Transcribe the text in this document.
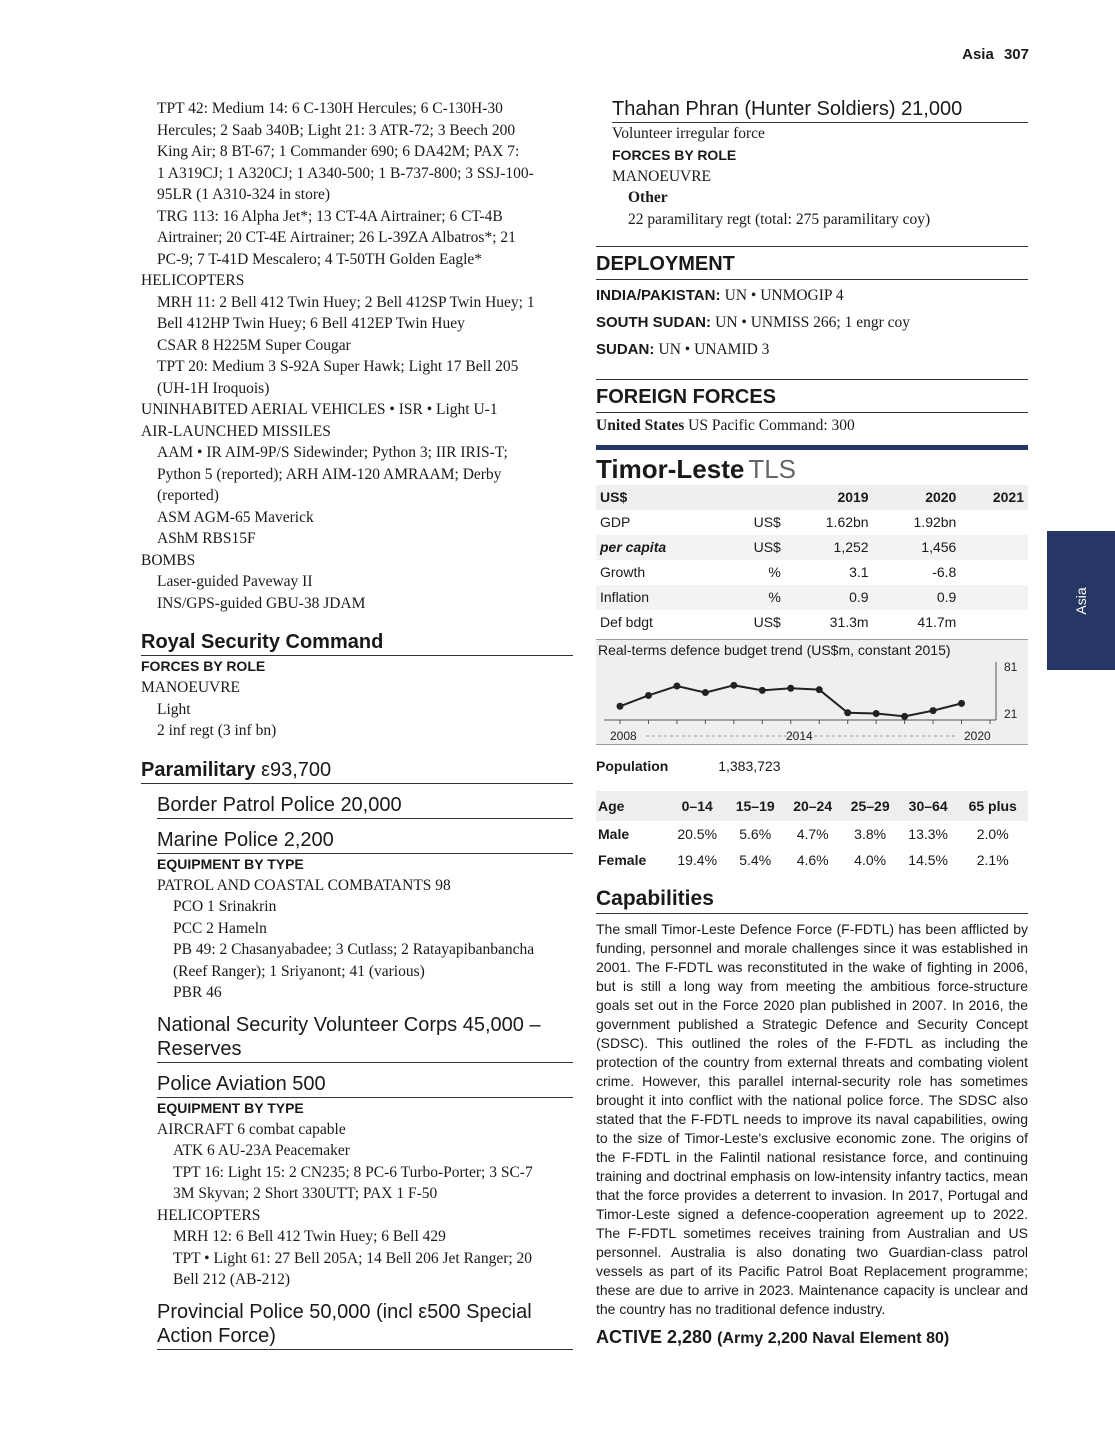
Asia 307
Asia

TPT 42: Medium 14: 6 C-130H Hercules; 6 C-130H-30

Hercules; 2 Saab 340B; Light 21: 3 ATR-72; 3 Beech 200

King Air; 8 BT-67; 1 Commander 690; 6 DA42M; PAX 7:

1 A319CJ; 1 A320CJ; 1 A340-500; 1 B-737-800; 3 SSJ-100-

95LR (1 A310-324 in store)

TRG 113: 16 Alpha Jet*; 13 CT-4A Airtrainer; 6 CT-4B

Airtrainer; 20 CT-4E Airtrainer; 26 L-39ZA Albatros*; 21

PC-9; 7 T-41D Mescalero; 4 T-50TH Golden Eagle*

HELICOPTERS

MRH 11: 2 Bell 412 Twin Huey; 2 Bell 412SP Twin Huey; 1

Bell 412HP Twin Huey; 6 Bell 412EP Twin Huey

CSAR 8 H225M Super Cougar

TPT 20: Medium 3 S-92A Super Hawk; Light 17 Bell 205

(UH-1H Iroquois)

UNINHABITED AERIAL VEHICLES • ISR • Light U-1

AIR-LAUNCHED MISSILES

AAM • IR AIM-9P/S Sidewinder; Python 3; IIR IRIS-T;

Python 5 (reported); ARH AIM-120 AMRAAM; Derby

(reported)

ASM AGM-65 Maverick

AShM RBS15F

BOMBS

Laser-guided Paveway II

INS/GPS-guided GBU-38 JDAM

Royal Security Command

FORCES BY ROLE

MANOEUVRE

Light

2 inf regt (3 inf bn)

Paramilitary ε93,700

Border Patrol Police 20,000

Marine Police 2,200

EQUIPMENT BY TYPE

PATROL AND COASTAL COMBATANTS 98

PCO 1 Srinakrin

PCC 2 Hameln

PB 49: 2 Chasanyabadee; 3 Cutlass; 2 Ratayapibanbancha

(Reef Ranger); 1 Sriyanont; 41 (various)

PBR 46

National Security Volunteer Corps 45,000 –

Reserves

Police Aviation 500

EQUIPMENT BY TYPE

AIRCRAFT 6 combat capable

ATK 6 AU-23A Peacemaker

TPT 16: Light 15: 2 CN235; 8 PC-6 Turbo-Porter; 3 SC-7

3M Skyvan; 2 Short 330UTT; PAX 1 F-50

HELICOPTERS

MRH 12: 6 Bell 412 Twin Huey; 6 Bell 429

TPT • Light 61: 27 Bell 205A; 14 Bell 206 Jet Ranger; 20

Bell 212 (AB-212)

Provincial Police 50,000 (incl ε500 Special

Action Force)

Thahan Phran (Hunter Soldiers) 21,000

Volunteer irregular force

FORCES BY ROLE

MANOEUVRE

Other

22 paramilitary regt (total: 275 paramilitary coy)

DEPLOYMENT

INDIA/PAKISTAN: UN • UNMOGIP 4

SOUTH SUDAN: UN • UNMISS 266; 1 engr coy

SUDAN: UN • UNAMID 3

FOREIGN FORCES

United States US Pacific Command: 300

Timor-Leste TLS
US$		2019	2020	2021
GDP	US$	1.62bn	1.92bn	
per capita	US$	1,252	1,456	
Growth	%	3.1	-6.8	
Inflation	%	0.9	0.9	
Def bdgt	US$	31.3m	41.7m	
Real-terms defence budget trend (US$m, constant 2015)
81
21
2008	2014	2020
Population	1,383,723
Age	0–14	15–19	20–24	25–29	30–64	65 plus
Male	20.5%	5.6%	4.7%	3.8%	13.3%	2.0%
Female	19.4%	5.4%	4.6%	4.0%	14.5%	2.1%
Capabilities

The small Timor-Leste Defence Force (F-FDTL) has been afflicted by funding, personnel and morale challenges since it was established in 2001. The F-FDTL was reconstituted in the wake of fighting in 2006, but is still a long way from meeting the ambitious force-structure goals set out in the Force 2020 plan published in 2007. In 2016, the government published a Strategic Defence and Security Concept (SDSC). This outlined the roles of the F-FDTL as including the protection of the country from external threats and combating violent crime. However, this parallel internal-security role has sometimes brought it into conflict with the national police force. The SDSC also stated that the F-FDTL needs to improve its naval capabilities, owing to the size of Timor-Leste's exclusive economic zone. The origins of the F-FDTL in the Falintil national resistance force, and continuing training and doctrinal emphasis on low-intensity infantry tactics, mean that the force provides a deterrent to invasion. In 2017, Portugal and Timor-Leste signed a defence-cooperation agreement up to 2022. The F-FDTL sometimes receives training from Australian and US personnel. Australia is also donating two Guardian-class patrol vessels as part of its Pacific Patrol Boat Replacement programme; these are due to arrive in 2023. Maintenance capacity is unclear and the country has no traditional defence industry.

ACTIVE 2,280 (Army 2,200 Naval Element 80)
